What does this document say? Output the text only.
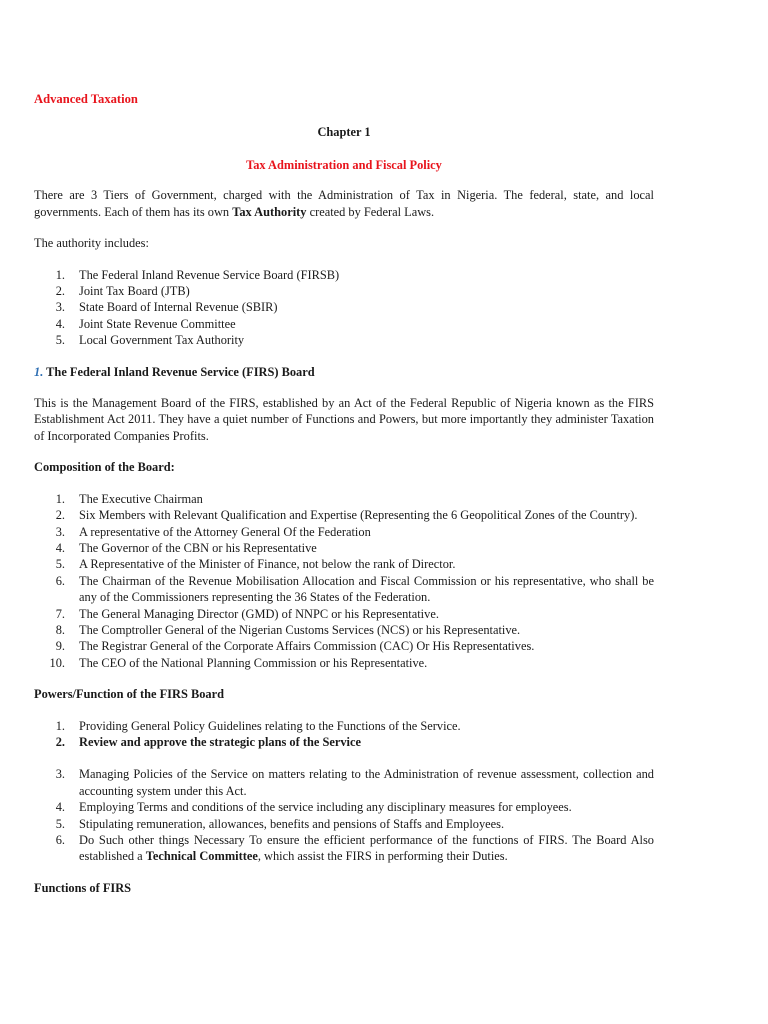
Advanced Taxation
Chapter 1
Tax Administration and Fiscal Policy

There are 3 Tiers of Government, charged with the Administration of Tax in Nigeria. The federal, state, and local governments. Each of them has its own Tax Authority created by Federal Laws.

The authority includes:

1. The Federal Inland Revenue Service Board (FIRSB)
2. Joint Tax Board (JTB)
3. State Board of Internal Revenue (SBIR)
4. Joint State Revenue Committee
5. Local Government Tax Authority
1. The Federal Inland Revenue Service (FIRS) Board

This is the Management Board of the FIRS, established by an Act of the Federal Republic of Nigeria known as the FIRS Establishment Act 2011. They have a quiet number of Functions and Powers, but more importantly they administer Taxation of Incorporated Companies Profits.

Composition of the Board:
1. The Executive Chairman
2. Six Members with Relevant Qualification and Expertise (Representing the 6 Geopolitical Zones of the Country).
3. A representative of the Attorney General Of the Federation
4. The Governor of the CBN or his Representative
5. A Representative of the Minister of Finance, not below the rank of Director.
6. The Chairman of the Revenue Mobilisation Allocation and Fiscal Commission or his representative, who shall be any of the Commissioners representing the 36 States of the Federation.
7. The General Managing Director (GMD) of NNPC or his Representative.
8. The Comptroller General of the Nigerian Customs Services (NCS) or his Representative.
9. The Registrar General of the Corporate Affairs Commission (CAC) Or His Representatives.
10. The CEO of the National Planning Commission or his Representative.
Powers/Function of the FIRS Board
1. Providing General Policy Guidelines relating to the Functions of the Service.
2. Review and approve the strategic plans of the Service
3. Managing Policies of the Service on matters relating to the Administration of revenue assessment, collection and accounting system under this Act.
4. Employing Terms and conditions of the service including any disciplinary measures for employees.
5. Stipulating remuneration, allowances, benefits and pensions of Staffs and Employees.
6. Do Such other things Necessary To ensure the efficient performance of the functions of FIRS. The Board Also established a Technical Committee, which assist the FIRS in performing their Duties.
Functions of FIRS
